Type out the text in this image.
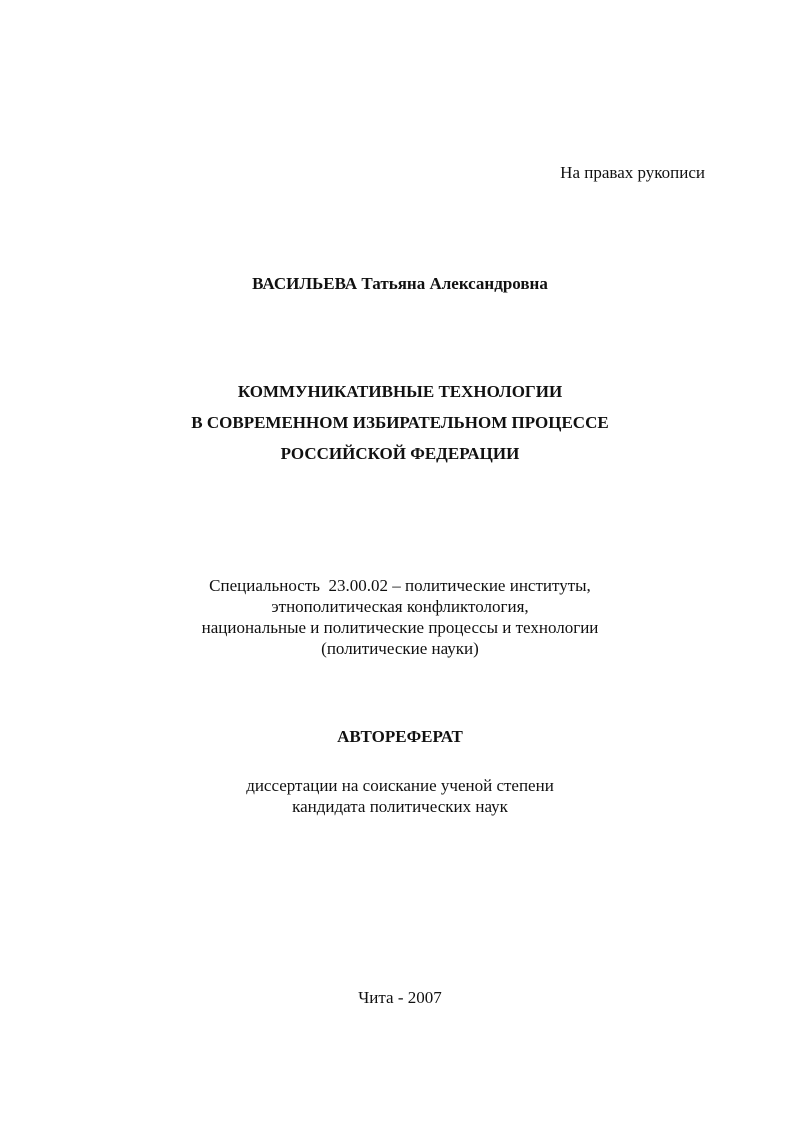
На правах рукописи
ВАСИЛЬЕВА Татьяна Александровна
КОММУНИКАТИВНЫЕ ТЕХНОЛОГИИ
В СОВРЕМЕННОМ ИЗБИРАТЕЛЬНОМ ПРОЦЕССЕ
РОССИЙСКОЙ ФЕДЕРАЦИИ
Специальность  23.00.02 – политические институты,
этнополитическая конфликтология,
национальные и политические процессы и технологии
(политические науки)
АВТОРЕФЕРАТ
диссертации на соискание ученой степени
кандидата политических наук
Чита - 2007
